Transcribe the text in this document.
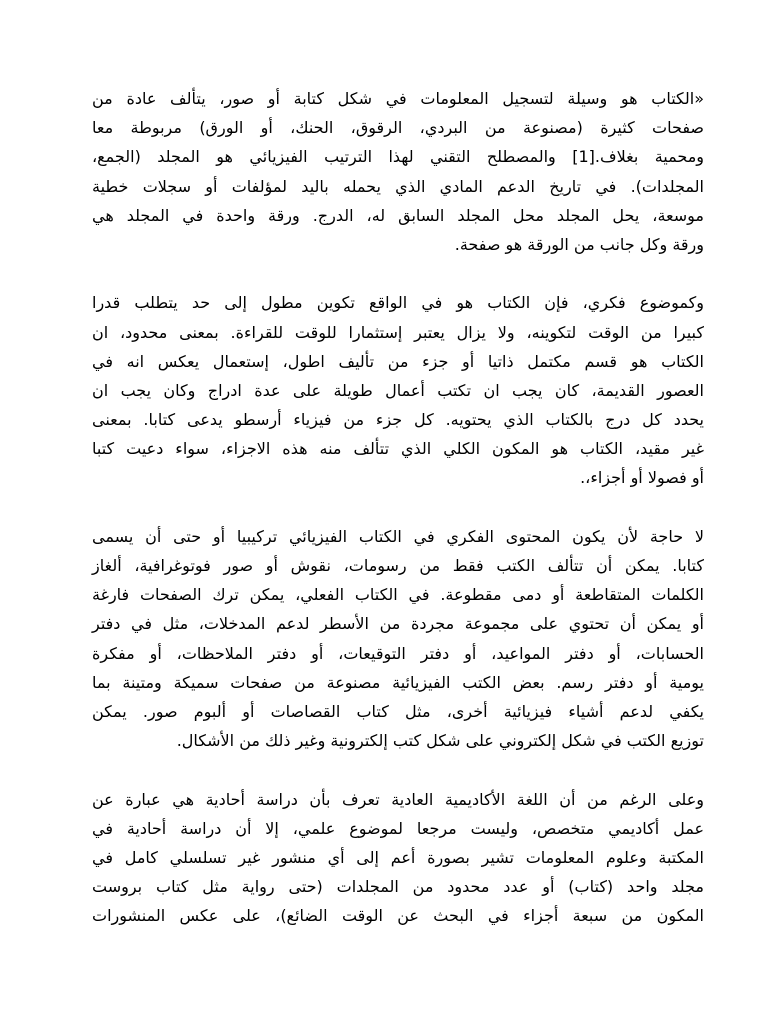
«الكتاب هو وسيلة لتسجيل المعلومات في شكل كتابة أو صور، يتألف عادة من
صفحات كثيرة (مصنوعة من البردي، الرقوق، الحنك، أو الورق) مربوطة معا
ومحمية بغلاف.[1] والمصطلح التقني لهذا الترتيب الفيزيائي هو المجلد (الجمع،
المجلدات). في تاريخ الدعم المادي الذي يحمله باليد لمؤلفات أو سجلات خطية
موسعة، يحل المجلد محل المجلد السابق له، الدرج. ورقة واحدة في المجلد هي
ورقة وكل جانب من الورقة هو صفحة.
وكموضوع فكري، فإن الكتاب هو في الواقع تكوين مطول إلى حد يتطلب قدرا
كبيرا من الوقت لتكوينه، ولا يزال يعتبر إستثمارا للوقت للقراءة. بمعنى محدود، ان
الكتاب هو قسم مكتمل ذاتيا أو جزء من تأليف اطول، إستعمال يعكس انه في
العصور القديمة، كان يجب ان تكتب أعمال طويلة على عدة ادراج وكان يجب ان
يحدد كل درج بالكتاب الذي يحتويه. كل جزء من فيزياء أرسطو يدعى كتابا. بمعنى
غير مقيد، الكتاب هو المكون الكلي الذي تتألف منه هذه الاجزاء، سواء دعيت كتبا
أو فصولا أو أجزاء،.
لا حاجة لأن يكون المحتوى الفكري في الكتاب الفيزيائي تركيبيا أو حتى أن يسمى
كتابا. يمكن أن تتألف الكتب فقط من رسومات، نقوش أو صور فوتوغرافية، ألغاز
الكلمات المتقاطعة أو دمى مقطوعة. في الكتاب الفعلي، يمكن ترك الصفحات فارغة
أو يمكن أن تحتوي على مجموعة مجردة من الأسطر لدعم المدخلات، مثل في دفتر
الحسابات، أو دفتر المواعيد، أو دفتر التوقيعات، أو دفتر الملاحظات، أو مفكرة
يومية أو دفتر رسم. بعض الكتب الفيزيائية مصنوعة من صفحات سميكة ومتينة بما
يكفي لدعم أشياء فيزيائية أخرى، مثل كتاب القصاصات أو ألبوم صور. يمكن
توزيع الكتب في شكل إلكتروني على شكل كتب إلكترونية وغير ذلك من الأشكال.
وعلى الرغم من أن اللغة الأكاديمية العادية تعرف بأن دراسة أحادية هي عبارة عن
عمل أكاديمي متخصص، وليست مرجعا لموضوع علمي، إلا أن دراسة أحادية في
المكتبة وعلوم المعلومات تشير بصورة أعم إلى أي منشور غير تسلسلي كامل في
مجلد واحد (كتاب) أو عدد محدود من المجلدات (حتى رواية مثل كتاب بروست
المكون من سبعة أجزاء في البحث عن الوقت الضائع)، على عكس المنشورات
